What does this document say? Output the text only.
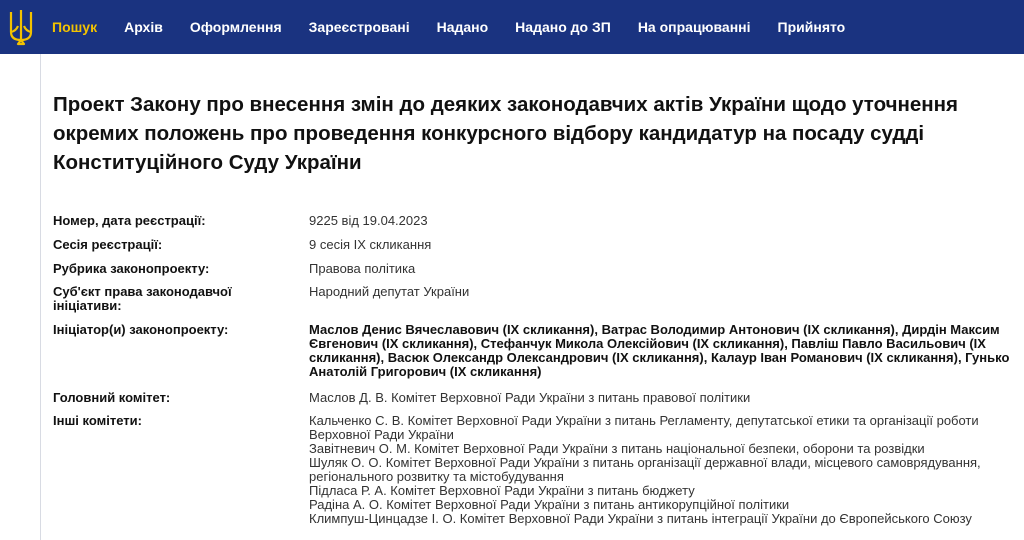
Пошук Архів Оформлення Зареєстровані Надано Надано до ЗП На опрацюванні Прийнято
Проект Закону про внесення змін до деяких законодавчих актів України щодо уточнення окремих положень про проведення конкурсного відбору кандидатур на посаду судді Конституційного Суду України
Номер, дата реєстрації:	9225 від 19.04.2023
Сесія реєстрації:	9 сесія IX скликання
Рубрика законопроекту:	Правова політика
Суб'єкт права законодавчої ініціативи:
Народний депутат України
Ініціатор(и) законопроекту:	Маслов Денис Вячеславович (IX скликання), Ватрас Володимир Антонович (IX скликання), Дирдін Максим Євгенович (IX скликання), Стефанчук Микола Олексійович (IX скликання), Павліш Павло Васильович (IX скликання), Васюк Олександр Олександрович (IX скликання), Калаур Іван Романович (IX скликання), Гунько Анатолій Григорович (IX скликання)
Головний комітет:	Маслов Д. В. Комітет Верховної Ради України з питань правової політики
Інші комітети:	Кальченко С. В. Комітет Верховної Ради України з питань Регламенту, депутатської етики та організації роботи Верховної Ради України
Завітневич О. М. Комітет Верховної Ради України з питань національної безпеки, оборони та розвідки
Шуляк О. О. Комітет Верховної Ради України з питань організації державної влади, місцевого самоврядування, регіонального розвитку та містобудування
Підласа Р. А. Комітет Верховної Ради України з питань бюджету
Радіна А. О. Комітет Верховної Ради України з питань антикорупційної політики
Климпуш-Цинцадзе І. О. Комітет Верховної Ради України з питань інтеграції України до Європейського Союзу
